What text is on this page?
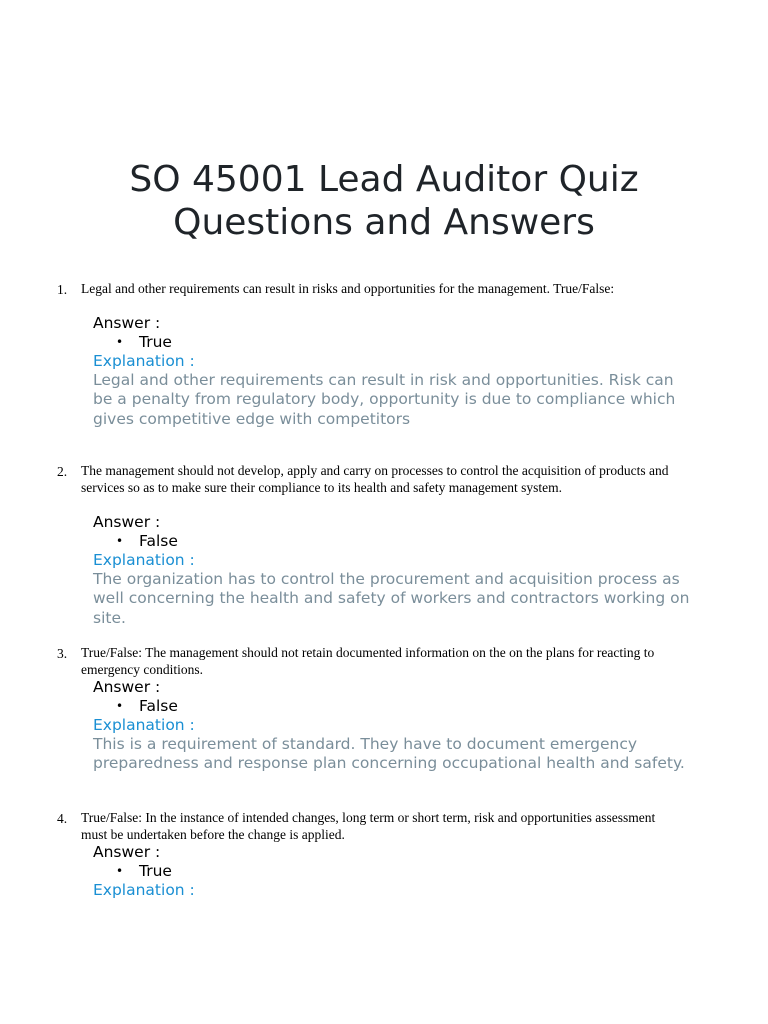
SO 45001 Lead Auditor Quiz Questions and Answers
1. Legal and other requirements can result in risks and opportunities for the management. True/False:
Answer :
• True
Explanation :
Legal and other requirements can result in risk and opportunities. Risk can be a penalty from regulatory body, opportunity is due to compliance which gives competitive edge with competitors
2. The management should not develop, apply and carry on processes to control the acquisition of products and services so as to make sure their compliance to its health and safety management system.
Answer :
• False
Explanation :
The organization has to control the procurement and acquisition process as well concerning the health and safety of workers and contractors working on site.
3. True/False: The management should not retain documented information on the on the plans for reacting to emergency conditions.
Answer :
• False
Explanation :
This is a requirement of standard. They have to document emergency preparedness and response plan concerning occupational health and safety.
4. True/False: In the instance of intended changes, long term or short term, risk and opportunities assessment must be undertaken before the change is applied.
Answer :
• True
Explanation :
